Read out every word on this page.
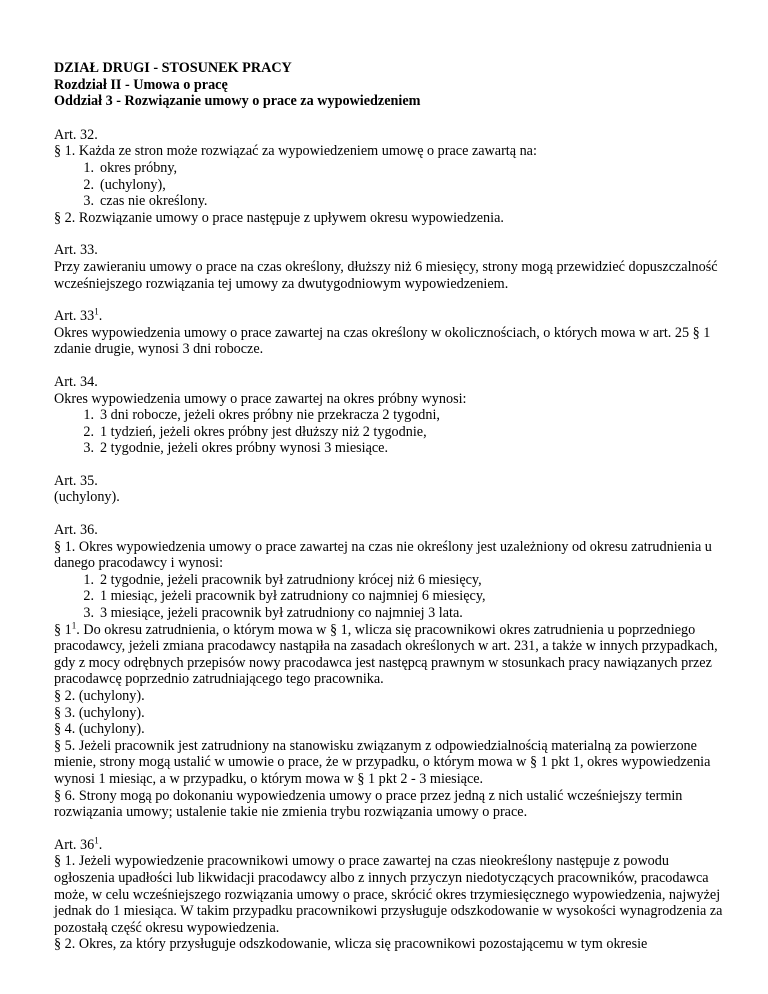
DZIAŁ DRUGI - STOSUNEK PRACY
Rozdział II - Umowa o pracę
Oddział 3 - Rozwiązanie umowy o prace za wypowiedzeniem
Art. 32.
§ 1. Każda ze stron może rozwiązać za wypowiedzeniem umowę o prace zawartą na:
1. okres próbny,
2. (uchylony),
3. czas nie określony.
§ 2. Rozwiązanie umowy o prace następuje z upływem okresu wypowiedzenia.
Art. 33.
Przy zawieraniu umowy o prace na czas określony, dłuższy niż 6 miesięcy, strony mogą przewidzieć dopuszczalność wcześniejszego rozwiązania tej umowy za dwutygodniowym wypowiedzeniem.
Art. $33^1$.
Okres wypowiedzenia umowy o prace zawartej na czas określony w okolicznościach, o których mowa w art. 25 § 1 zdanie drugie, wynosi 3 dni robocze.
Art. 34.
Okres wypowiedzenia umowy o prace zawartej na okres próbny wynosi:
1. 3 dni robocze, jeżeli okres próbny nie przekracza 2 tygodni,
2. 1 tydzień, jeżeli okres próbny jest dłuższy niż 2 tygodnie,
3. 2 tygodnie, jeżeli okres próbny wynosi 3 miesiące.
Art. 35.
(uchylony).
Art. 36.
§ 1. Okres wypowiedzenia umowy o prace zawartej na czas nie określony jest uzależniony od okresu zatrudnienia u danego pracodawcy i wynosi:
1. 2 tygodnie, jeżeli pracownik był zatrudniony krócej niż 6 miesięcy,
2. 1 miesiąc, jeżeli pracownik był zatrudniony co najmniej 6 miesięcy,
3. 3 miesiące, jeżeli pracownik był zatrudniony co najmniej 3 lata.
§ $1^1$. Do okresu zatrudnienia, o którym mowa w § 1, wlicza się pracownikowi okres zatrudnienia u poprzedniego pracodawcy, jeżeli zmiana pracodawcy nastąpiła na zasadach określonych w art. 231, a także w innych przypadkach, gdy z mocy odrębnych przepisów nowy pracodawca jest następcą prawnym w stosunkach pracy nawiązanych przez pracodawcę poprzednio zatrudniającego tego pracownika.
§ 2. (uchylony).
§ 3. (uchylony).
§ 4. (uchylony).
§ 5. Jeżeli pracownik jest zatrudniony na stanowisku związanym z odpowiedzialnością materialną za powierzone mienie, strony mogą ustalić w umowie o prace, że w przypadku, o którym mowa w § 1 pkt 1, okres wypowiedzenia wynosi 1 miesiąc, a w przypadku, o którym mowa w § 1 pkt 2 - 3 miesiące.
§ 6. Strony mogą po dokonaniu wypowiedzenia umowy o prace przez jedną z nich ustalić wcześniejszy termin rozwiązania umowy; ustalenie takie nie zmienia trybu rozwiązania umowy o prace.
Art. $36^1$.
§ 1. Jeżeli wypowiedzenie pracownikowi umowy o prace zawartej na czas nieokreślony następuje z powodu ogłoszenia upadłości lub likwidacji pracodawcy albo z innych przyczyn niedotyczących pracowników, pracodawca może, w celu wcześniejszego rozwiązania umowy o prace, skrócić okres trzymiesięcznego wypowiedzenia, najwyżej jednak do 1 miesiąca. W takim przypadku pracownikowi przysługuje odszkodowanie w wysokości wynagrodzenia za pozostałą część okresu wypowiedzenia.
§ 2. Okres, za który przysługuje odszkodowanie, wlicza się pracownikowi pozostającemu w tym okresie
